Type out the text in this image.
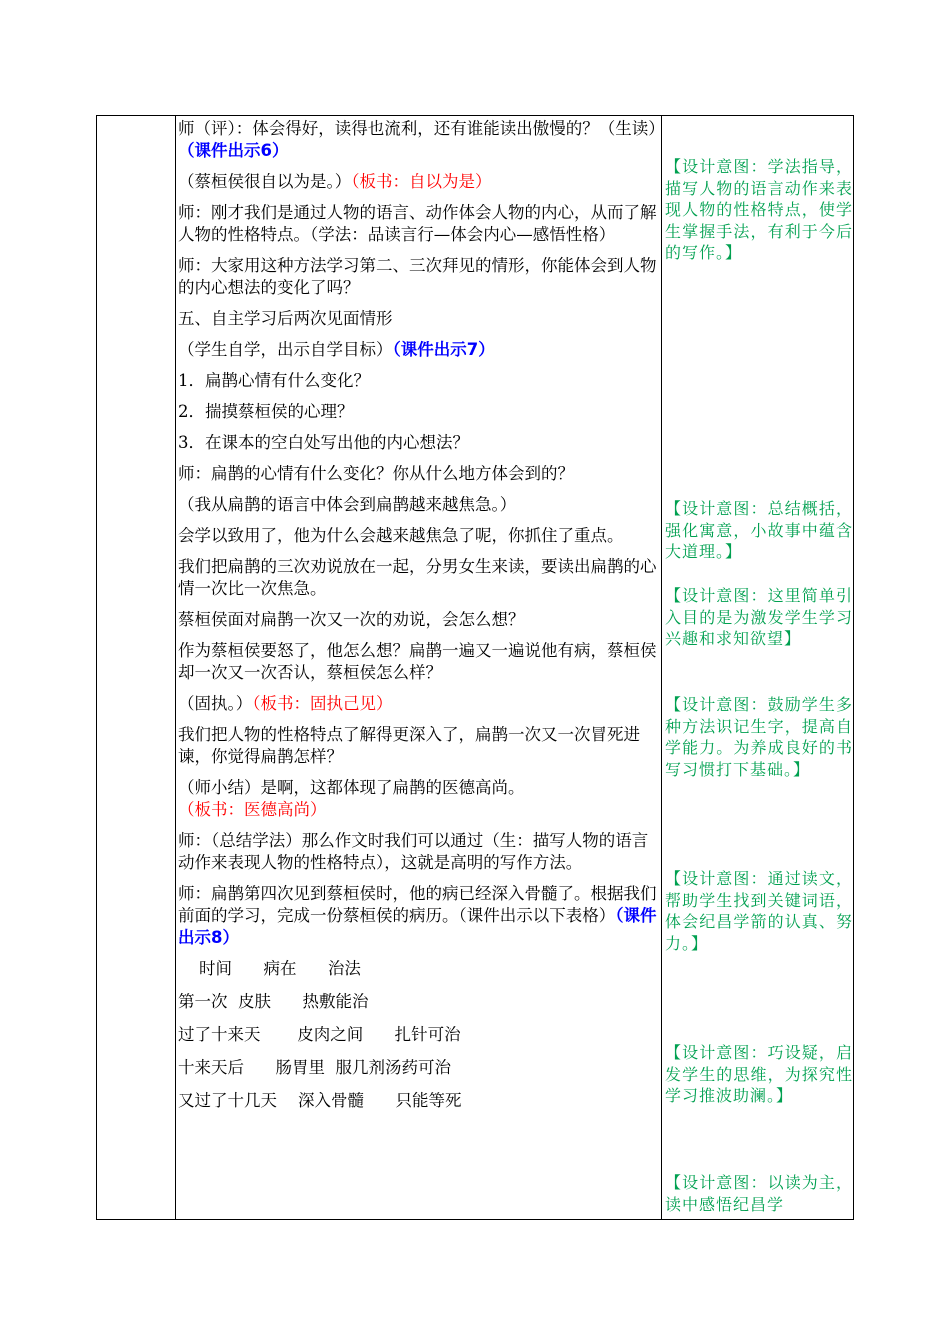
师（评）：体会得好，读得也流利，还有谁能读出傲慢的？（生读）（课件出示6）

（蔡桓侯很自以为是。）（板书：自以为是）

师：刚才我们是通过人物的语言、动作体会人物的内心，从而了解人物的性格特点。（学法：品读言行—体会内心—感悟性格）

师：大家用这种方法学习第二、三次拜见的情形，你能体会到人物的内心想法的变化了吗？

五、自主学习后两次见面情形

（学生自学，出示自学目标）（课件出示7）

1．扁鹊心情有什么变化？

2．揣摸蔡桓侯的心理？

3．在课本的空白处写出他的内心想法？

师：扁鹊的心情有什么变化？你从什么地方体会到的？

（我从扁鹊的语言中体会到扁鹊越来越焦急。）

会学以致用了，他为什么会越来越焦急了呢，你抓住了重点。

我们把扁鹊的三次劝说放在一起，分男女生来读，要读出扁鹊的心情一次比一次焦急。

蔡桓侯面对扁鹊一次又一次的劝说，会怎么想？

作为蔡桓侯要怒了，他怎么想？扁鹊一遍又一遍说他有病，蔡桓侯却一次又一次否认，蔡桓侯怎么样？

（固执。）（板书：固执己见）

我们把人物的性格特点了解得更深入了，扁鹊一次又一次冒死进谏，你觉得扁鹊怎样？

（师小结）是啊，这都体现了扁鹊的医德高尚。（板书：医德高尚）

师：（总结学法）那么作文时我们可以通过（生：描写人物的语言动作来表现人物的性格特点），这就是高明的写作方法。

师：扁鹊第四次见到蔡桓侯时，他的病已经深入骨髓了。根据我们前面的学习，完成一份蔡桓侯的病历。（课件出示以下表格）（课件出示8）

时间      病在      治法
第一次  皮肤      热敷能治
过了十来天       皮肉之间      扎针可治
十来天后      肠胃里  服几剂汤药可治
又过了十几天    深入骨髓      只能等死
【设计意图：学法指导，描写人物的语言动作来表现人物的性格特点，使学生掌握手法，有利于今后的写作。】
【设计意图：总结概括，强化寓意，小故事中蕴含大道理。】
【设计意图：这里简单引入目的是为激发学生学习兴趣和求知欲望】
【设计意图：鼓励学生多种方法识记生字，提高自学能力。为养成良好的书写习惯打下基础。】
【设计意图：通过读文，帮助学生找到关键词语，体会纪昌学箭的认真、努力。】
【设计意图：巧设疑，启发学生的思维，为探究性学习推波助澜。】
【设计意图：以读为主，读中感悟纪昌学
